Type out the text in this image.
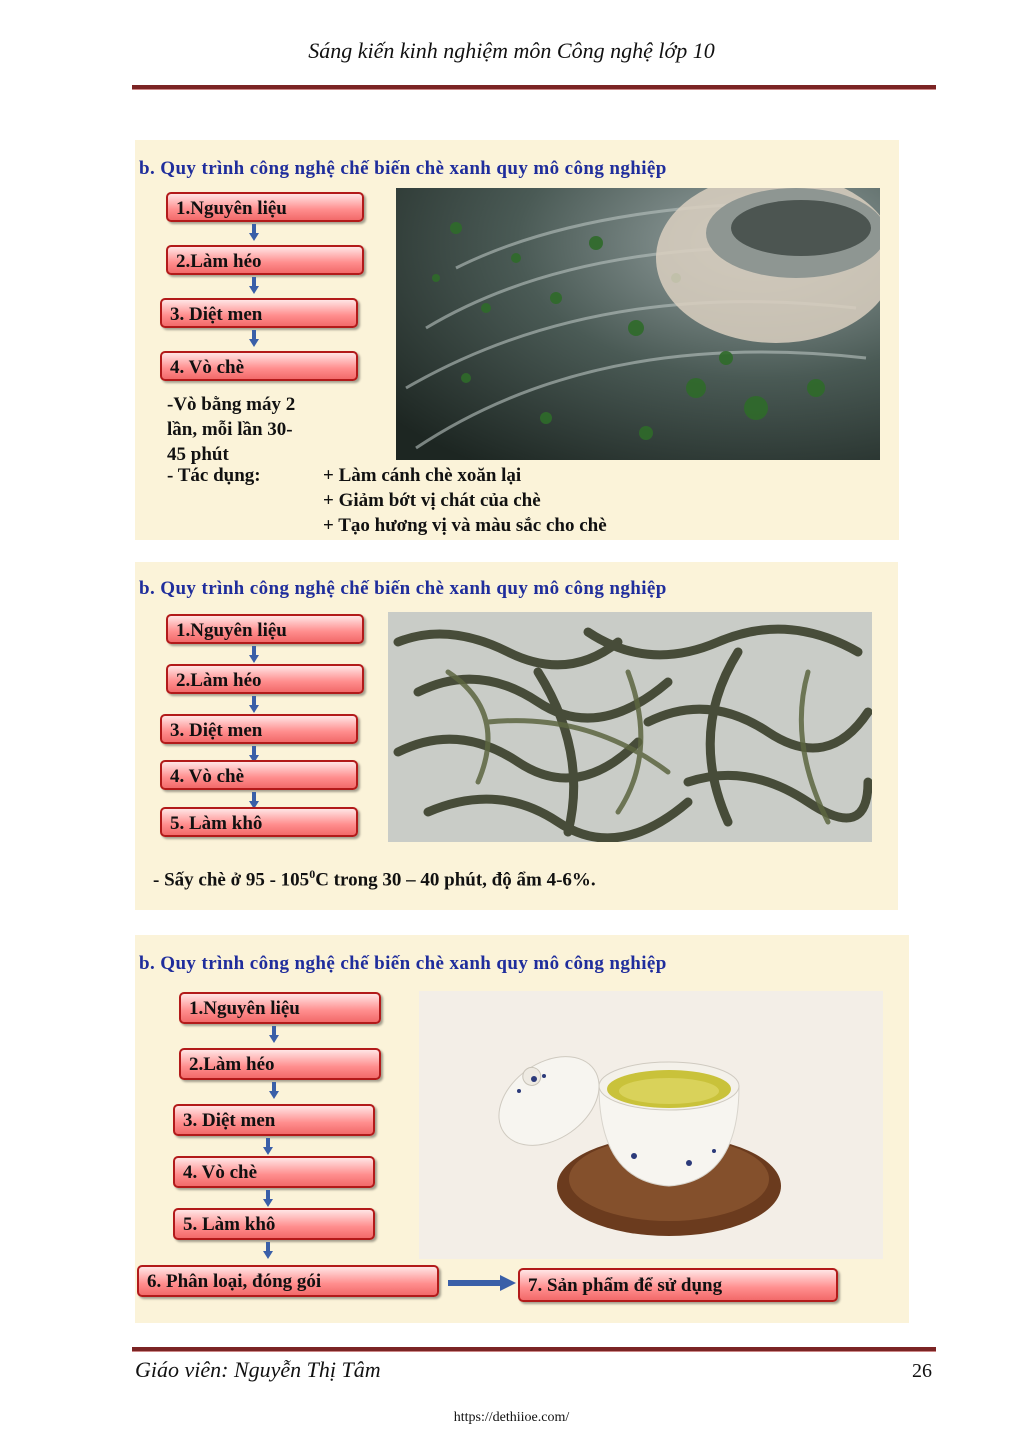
Sáng kiến kinh nghiệm môn Công nghệ lớp 10
b. Quy trình công nghệ chế biến chè xanh quy mô công nghiệp
1.Nguyên liệu
2.Làm héo
3. Diệt men
4. Vò chè
-Vò bằng máy 2
lần, mỗi lần 30-
45 phút
- Tác dụng:	+ Làm cánh chè xoăn lại
+ Giảm bớt vị chát của chè
+ Tạo hương vị và màu sắc cho chè
b. Quy trình công nghệ chế biến chè xanh quy mô công nghiệp
1.Nguyên liệu
2.Làm héo
3. Diệt men
4. Vò chè
5. Làm khô
- Sấy chè ở $95 - 105^0C$ trong 30 – 40 phút, độ ẩm 4-6%.
b. Quy trình công nghệ chế biến chè xanh quy mô công nghiệp
1.Nguyên liệu
2.Làm héo
3. Diệt men
4. Vò chè
5. Làm khô
6. Phân loại, đóng gói	7. Sản phẩm để sử dụng
Giáo viên: Nguyễn Thị Tâm	26
https://dethiioe.com/
